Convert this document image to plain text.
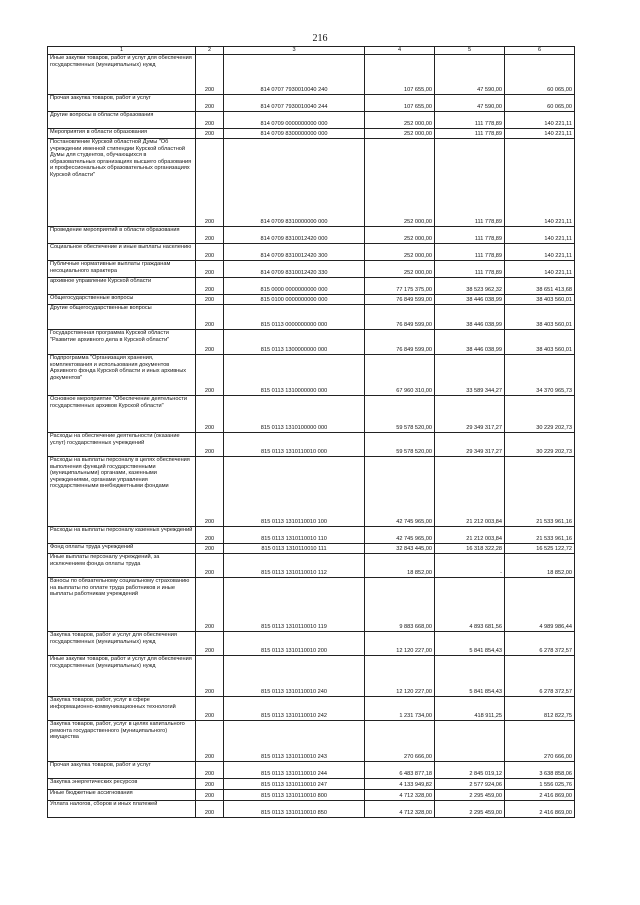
216
1	2	3	4	5	6
Иные закупки товаров, работ и услуг для обеспечения государственных (муниципальных) нужд	200	814 0707 7930010040 240	107 655,00	47 590,00	60 065,00
Прочая закупка товаров, работ и услуг	200	814 0707 7930010040 244	107 655,00	47 590,00	60 065,00
Другие вопросы в области образования	200	814 0709 0000000000 000	252 000,00	111 778,89	140 221,11
Мероприятия в области образования	200	814 0709 8300000000 000	252 000,00	111 778,89	140 221,11
Постановление Курской областной Думы "Об учреждении именной стипендии Курской областной Думы для студентов, обучающихся в образовательных организациях высшего образования и профессиональных образовательных организациях Курской области"	200	814 0709 8310000000 000	252 000,00	111 778,89	140 221,11
Проведение мероприятий в области образования	200	814 0709 8310012420 000	252 000,00	111 778,89	140 221,11
Социальное обеспечение и иные выплаты населению	200	814 0709 8310012420 300	252 000,00	111 778,89	140 221,11
Публичные нормативные выплаты гражданам несоциального характера	200	814 0709 8310012420 330	252 000,00	111 778,89	140 221,11
архивное управление Курской области	200	815 0000 0000000000 000	77 175 375,00	38 523 962,32	38 651 413,68
Общегосударственные вопросы	200	815 0100 0000000000 000	76 849 599,00	38 446 038,99	38 403 560,01
Другие общегосударственные вопросы	200	815 0113 0000000000 000	76 849 599,00	38 446 038,99	38 403 560,01
Государственная программа Курской области "Развитие архивного дела в Курской области"	200	815 0113 1300000000 000	76 849 599,00	38 446 038,99	38 403 560,01
Подпрограмма "Организация хранения, комплектования и использования документов Архивного фонда Курской области и иных архивных документов"	200	815 0113 1310000000 000	67 960 310,00	33 589 344,27	34 370 965,73
Основное мероприятие "Обеспечение деятельности государственных архивов Курской области"	200	815 0113 1310100000 000	59 578 520,00	29 349 317,27	30 229 202,73
Расходы на обеспечение деятельности (оказание услуг) государственных учреждений	200	815 0113 1310110010 000	59 578 520,00	29 349 317,27	30 229 202,73
Расходы на выплаты персоналу в целях обеспечения выполнения функций государственными (муниципальными) органами, казенными учреждениями, органами управления государственными внебюджетными фондами	200	815 0113 1310110010 100	42 745 965,00	21 212 003,84	21 533 961,16
Расходы на выплаты персоналу казенных учреждений	200	815 0113 1310110010 110	42 745 965,00	21 212 003,84	21 533 961,16
Фонд оплаты труда учреждений	200	815 0113 1310110010 111	32 843 445,00	16 318 322,28	16 525 122,72
Иные выплаты персоналу учреждений, за исключением фонда оплаты труда	200	815 0113 1310110010 112	18 852,00	-	18 852,00
Взносы по обязательному социальному страхованию на выплаты по оплате труда работников и иные выплаты работникам учреждений	200	815 0113 1310110010 119	9 883 668,00	4 893 681,56	4 989 986,44
Закупка товаров, работ и услуг для обеспечения государственных (муниципальных) нужд	200	815 0113 1310110010 200	12 120 227,00	5 841 854,43	6 278 372,57
Иные закупки товаров, работ и услуг для обеспечения государственных (муниципальных) нужд	200	815 0113 1310110010 240	12 120 227,00	5 841 854,43	6 278 372,57
Закупка товаров, работ, услуг в сфере информационно-коммуникационных технологий	200	815 0113 1310110010 242	1 231 734,00	418 911,25	812 822,75
Закупка товаров, работ, услуг в целях капитального ремонта государственного (муниципального) имущества	200	815 0113 1310110010 243	270 666,00		270 666,00
Прочая закупка товаров, работ и услуг	200	815 0113 1310110010 244	6 483 877,18	2 845 019,12	3 638 858,06
Закупка энергетических ресурсов	200	815 0113 1310110010 247	4 133 949,82	2 577 924,06	1 556 025,76
Иные бюджетные ассигнования	200	815 0113 1310110010 800	4 712 328,00	2 295 459,00	2 416 869,00
Уплата налогов, сборов и иных платежей	200	815 0113 1310110010 850	4 712 328,00	2 295 459,00	2 416 869,00
